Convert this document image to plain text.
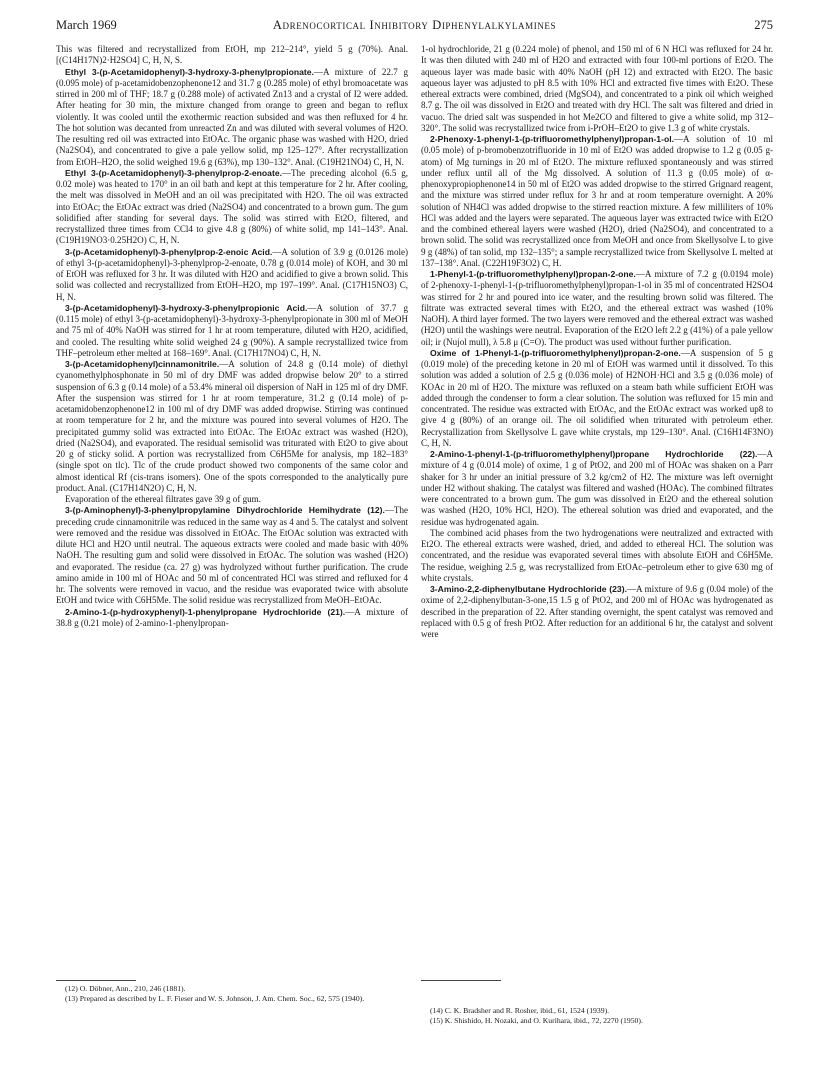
March 1969	Adrenocortical Inhibitory Diphenylalkylamines	275

This was filtered and recrystallized from EtOH, mp 212–214°, yield 5 g (70%). Anal. [(C14H17N)2·H2SO4] C, H, N, S.

Ethyl 3-(p-Acetamidophenyl)-3-hydroxy-3-phenylpropionate.—A mixture of 22.7 g (0.095 mole) of p-acetamidobenzophenone12 and 31.7 g (0.285 mole) of ethyl bromoacetate was stirred in 200 ml of THF; 18.7 g (0.288 mole) of activated Zn13 and a crystal of I2 were added. After heating for 30 min, the mixture changed from orange to green and began to reflux violently. It was cooled until the exothermic reaction subsided and was then refluxed for 4 hr. The hot solution was decanted from unreacted Zn and was diluted with several volumes of H2O. The resulting red oil was extracted into EtOAc. The organic phase was washed with H2O, dried (Na2SO4), and concentrated to give a pale yellow solid, mp 125–127°. After recrystallization from EtOH–H2O, the solid weighed 19.6 g (63%), mp 130–132°. Anal. (C19H21NO4) C, H, N.

Ethyl 3-(p-Acetamidophenyl)-3-phenylprop-2-enoate.—The preceding alcohol (6.5 g, 0.02 mole) was heated to 170° in an oil bath and kept at this temperature for 2 hr. After cooling, the melt was dissolved in MeOH and an oil was precipitated with H2O. The oil was extracted into EtOAc; the EtOAc extract was dried (Na2SO4) and concentrated to a brown gum. The gum solidified after standing for several days. The solid was stirred with Et2O, filtered, and recrystallized three times from CCl4 to give 4.8 g (80%) of white solid, mp 141–143°. Anal. (C19H19NO3·0.25H2O) C, H, N.

3-(p-Acetamidophenyl)-3-phenylprop-2-enoic Acid.—A solution of 3.9 g (0.0126 mole) of ethyl 3-(p-acetamidophenyl)-3-phenylprop-2-enoate, 0.78 g (0.014 mole) of KOH, and 30 ml of EtOH was refluxed for 3 hr. It was diluted with H2O and acidified to give a brown solid. This solid was collected and recrystallized from EtOH–H2O, mp 197–199°. Anal. (C17H15NO3) C, H, N.

3-(p-Acetamidophenyl)-3-hydroxy-3-phenylpropionic Acid.—A solution of 37.7 g (0.115 mole) of ethyl 3-(p-acetamidophenyl)-3-hydroxy-3-phenylpropionate in 300 ml of MeOH and 75 ml of 40% NaOH was stirred for 1 hr at room temperature, diluted with H2O, acidified, and cooled. The resulting white solid weighed 24 g (90%). A sample recrystallized twice from THF–petroleum ether melted at 168–169°. Anal. (C17H17NO4) C, H, N.

3-(p-Acetamidophenyl)cinnamonitrile.—A solution of 24.8 g (0.14 mole) of diethyl cyanomethylphosphonate in 50 ml of dry DMF was added dropwise below 20° to a stirred suspension of 6.3 g (0.14 mole) of a 53.4% mineral oil dispersion of NaH in 125 ml of dry DMF. After the suspension was stirred for 1 hr at room temperature, 31.2 g (0.14 mole) of p-acetamidobenzophenone12 in 100 ml of dry DMF was added dropwise. Stirring was continued at room temperature for 2 hr, and the mixture was poured into several volumes of H2O. The precipitated gummy solid was extracted into EtOAc. The EtOAc extract was washed (H2O), dried (Na2SO4), and evaporated. The residual semisolid was triturated with Et2O to give about 20 g of sticky solid. A portion was recrystallized from C6H5Me for analysis, mp 182–183° (single spot on tlc). Tlc of the crude product showed two components of the same color and almost identical Rf (cis-trans isomers). One of the spots corresponded to the analytically pure product. Anal. (C17H14N2O) C, H, N.

Evaporation of the ethereal filtrates gave 39 g of gum.

3-(p-Aminophenyl)-3-phenylpropylamine Dihydrochloride Hemihydrate (12).—The preceding crude cinnamonitrile was reduced in the same way as 4 and 5. The catalyst and solvent were removed and the residue was dissolved in EtOAc. The EtOAc solution was extracted with dilute HCl and H2O until neutral. The aqueous extracts were cooled and made basic with 40% NaOH. The resulting gum and solid were dissolved in EtOAc. The solution was washed (H2O) and evaporated. The residue (ca. 27 g) was hydrolyzed without further purification. The crude amino amide in 100 ml of HOAc and 50 ml of concentrated HCl was stirred and refluxed for 4 hr. The solvents were removed in vacuo, and the residue was evaporated twice with absolute EtOH and twice with C6H5Me. The solid residue was recrystallized from MeOH–EtOAc.

2-Amino-1-(p-hydroxyphenyl)-1-phenylpropane Hydrochloride (21).—A mixture of 38.8 g (0.21 mole) of 2-amino-1-phenylpropan-

1-ol hydrochloride, 21 g (0.224 mole) of phenol, and 150 ml of 6 N HCl was refluxed for 24 hr. It was then diluted with 240 ml of H2O and extracted with four 100-ml portions of Et2O. The aqueous layer was made basic with 40% NaOH (pH 12) and extracted with Et2O. The basic aqueous layer was adjusted to pH 8.5 with 10% HCl and extracted five times with Et2O. These ethereal extracts were combined, dried (MgSO4), and concentrated to a pink oil which weighed 8.7 g. The oil was dissolved in Et2O and treated with dry HCl. The salt was filtered and dried in vacuo. The dried salt was suspended in hot Me2CO and filtered to give a white solid, mp 312–320°. The solid was recrystallized twice from i-PrOH–Et2O to give 1.3 g of white crystals.

2-Phenoxy-1-phenyl-1-(p-trifluoromethylphenyl)propan-1-ol.—A solution of 10 ml (0.05 mole) of p-bromobenzotrifluoride in 10 ml of Et2O was added dropwise to 1.2 g (0.05 g-atom) of Mg turnings in 20 ml of Et2O. The mixture refluxed spontaneously and was stirred under reflux until all of the Mg dissolved. A solution of 11.3 g (0.05 mole) of α-phenoxypropiophenone14 in 50 ml of Et2O was added dropwise to the stirred Grignard reagent, and the mixture was stirred under reflux for 3 hr and at room temperature overnight. A 20% solution of NH4Cl was added dropwise to the stirred reaction mixture. A few milliliters of 10% HCl was added and the layers were separated. The aqueous layer was extracted twice with Et2O and the combined ethereal layers were washed (H2O), dried (Na2SO4), and concentrated to a brown solid. The solid was recrystallized once from MeOH and once from Skellysolve L to give 9 g (48%) of tan solid, mp 132–135°; a sample recrystallized twice from Skellysolve L melted at 137–138°. Anal. (C22H19F3O2) C, H.

1-Phenyl-1-(p-trifluoromethylphenyl)propan-2-one.—A mixture of 7.2 g (0.0194 mole) of 2-phenoxy-1-phenyl-1-(p-trifluoromethylphenyl)propan-1-ol in 35 ml of concentrated H2SO4 was stirred for 2 hr and poured into ice water, and the resulting brown solid was filtered. The filtrate was extracted several times with Et2O, and the ethereal extract was washed (10% NaOH). A third layer formed. The two layers were removed and the ethereal extract was washed (H2O) until the washings were neutral. Evaporation of the Et2O left 2.2 g (41%) of a pale yellow oil; ir (Nujol mull), λ 5.8 μ (C=O). The product was used without further purification.

Oxime of 1-Phenyl-1-(p-trifluoromethylphenyl)propan-2-one.—A suspension of 5 g (0.019 mole) of the preceding ketone in 20 ml of EtOH was warmed until it dissolved. To this solution was added a solution of 2.5 g (0.036 mole) of H2NOH·HCl and 3.5 g (0.036 mole) of KOAc in 20 ml of H2O. The mixture was refluxed on a steam bath while sufficient EtOH was added through the condenser to form a clear solution. The solution was refluxed for 15 min and concentrated. The residue was extracted with EtOAc, and the EtOAc extract was worked up8 to give 4 g (80%) of an orange oil. The oil solidified when triturated with petroleum ether. Recrystallization from Skellysolve L gave white crystals, mp 129–130°. Anal. (C16H14F3NO) C, H, N.

2-Amino-1-phenyl-1-(p-trifluoromethylphenyl)propane Hydrochloride (22).—A mixture of 4 g (0.014 mole) of oxime, 1 g of PtO2, and 200 ml of HOAc was shaken on a Parr shaker for 3 hr under an initial pressure of 3.2 kg/cm2 of H2. The mixture was left overnight under H2 without shaking. The catalyst was filtered and washed (HOAc). The combined filtrates were concentrated to a brown gum. The gum was dissolved in Et2O and the ethereal solution was washed (H2O, 10% HCl, H2O). The ethereal solution was dried and evaporated, and the residue was hydrogenated again.

The combined acid phases from the two hydrogenations were neutralized and extracted with Et2O. The ethereal extracts were washed, dried, and added to ethereal HCl. The solution was concentrated, and the residue was evaporated several times with absolute EtOH and C6H5Me. The residue, weighing 2.5 g, was recrystallized from EtOAc–petroleum ether to give 630 mg of white crystals.

3-Amino-2,2-diphenylbutane Hydrochloride (23).—A mixture of 9.6 g (0.04 mole) of the oxime of 2,2-diphenylbutan-3-one,15 1.5 g of PtO2, and 200 ml of HOAc was hydrogenated as described in the preparation of 22. After standing overnight, the spent catalyst was removed and replaced with 0.5 g of fresh PtO2. After reduction for an additional 6 hr, the catalyst and solvent were

(12) O. Döbner, Ann., 210, 246 (1881).
(13) Prepared as described by L. F. Fieser and W. S. Johnson, J. Am. Chem. Soc., 62, 575 (1940).
(14) C. K. Bradsher and R. Rosher, ibid., 61, 1524 (1939).
(15) K. Shishido, H. Nozaki, and O. Kurihara, ibid., 72, 2270 (1950).
